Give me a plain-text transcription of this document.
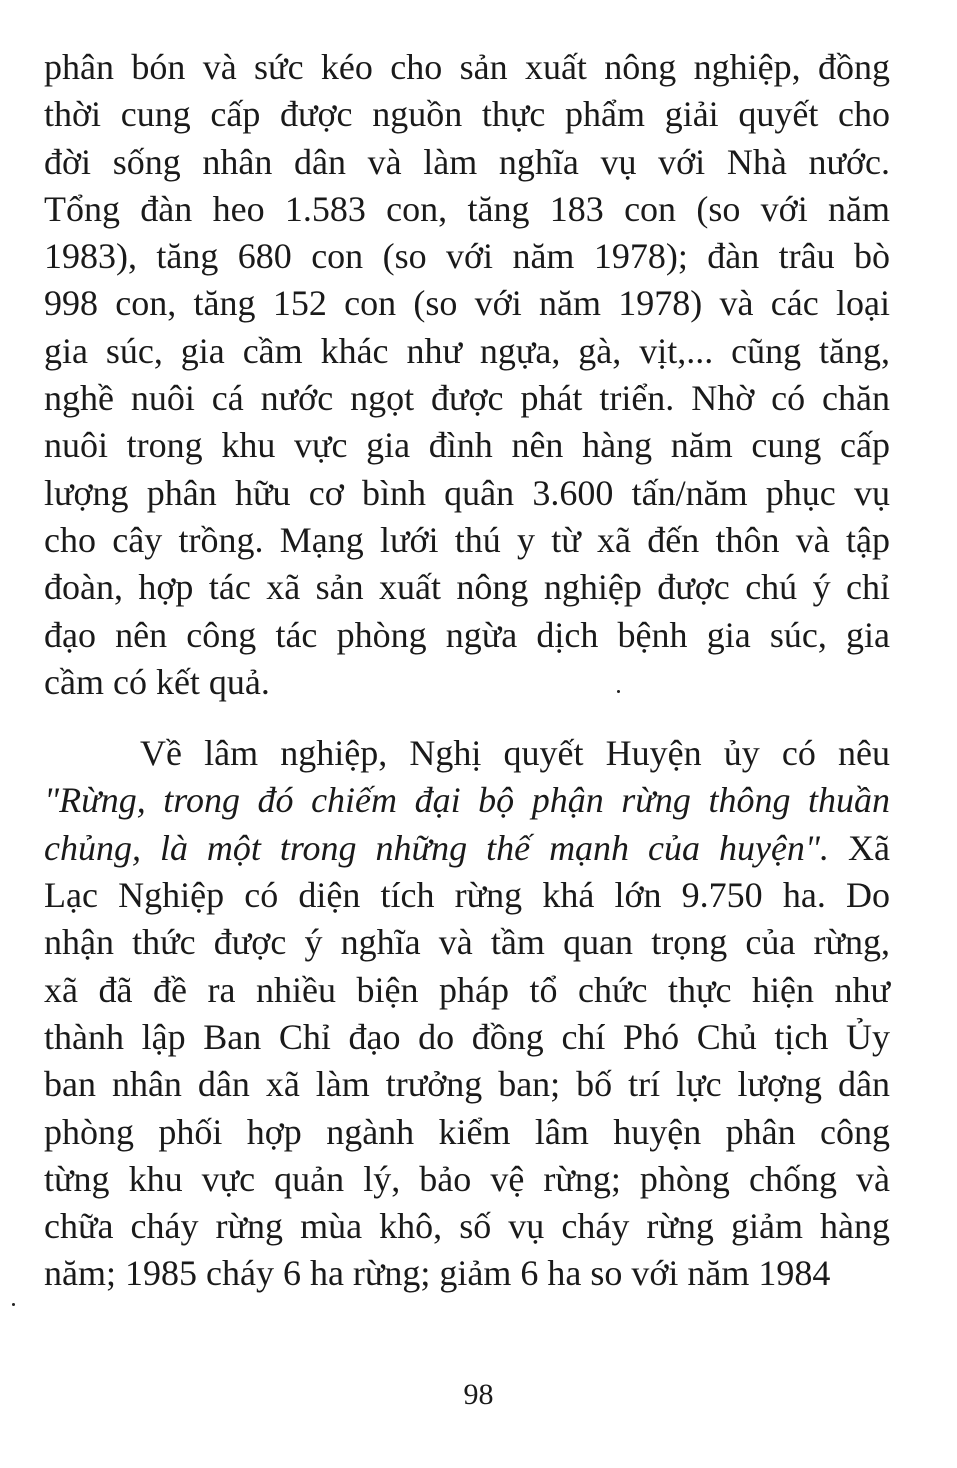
phân bón và sức kéo cho sản xuất nông nghiệp, đồng
thời cung cấp được nguồn thực phẩm giải quyết cho
đời sống nhân dân và làm nghĩa vụ với Nhà nước.
Tổng đàn heo 1.583 con, tăng 183 con (so với năm
1983), tăng 680 con (so với năm 1978); đàn trâu bò
998 con, tăng 152 con (so với năm 1978) và các loại
gia súc, gia cầm khác như ngựa, gà, vịt,... cũng tăng,
nghề nuôi cá nước ngọt được phát triển. Nhờ có chăn
nuôi trong khu vực gia đình nên hàng năm cung cấp
lượng phân hữu cơ bình quân 3.600 tấn/năm phục vụ
cho cây trồng. Mạng lưới thú y từ xã đến thôn và tập
đoàn, hợp tác xã sản xuất nông nghiệp được chú ý chỉ
đạo nên công tác phòng ngừa dịch bệnh gia súc, gia
cầm có kết quả.
Về lâm nghiệp, Nghị quyết Huyện ủy có nêu
"Rừng, trong đó chiếm đại bộ phận rừng thông thuần
chủng, là một trong những thế mạnh của huyện". Xã
Lạc Nghiệp có diện tích rừng khá lớn 9.750 ha. Do
nhận thức được ý nghĩa và tầm quan trọng của rừng,
xã đã đề ra nhiều biện pháp tổ chức thực hiện như
thành lập Ban Chỉ đạo do đồng chí Phó Chủ tịch Ủy
ban nhân dân xã làm trưởng ban; bố trí lực lượng dân
phòng phối hợp ngành kiểm lâm huyện phân công
từng khu vực quản lý, bảo vệ rừng; phòng chống và
chữa cháy rừng mùa khô, số vụ cháy rừng giảm hàng
năm; 1985 cháy 6 ha rừng; giảm 6 ha so với năm 1984
98
